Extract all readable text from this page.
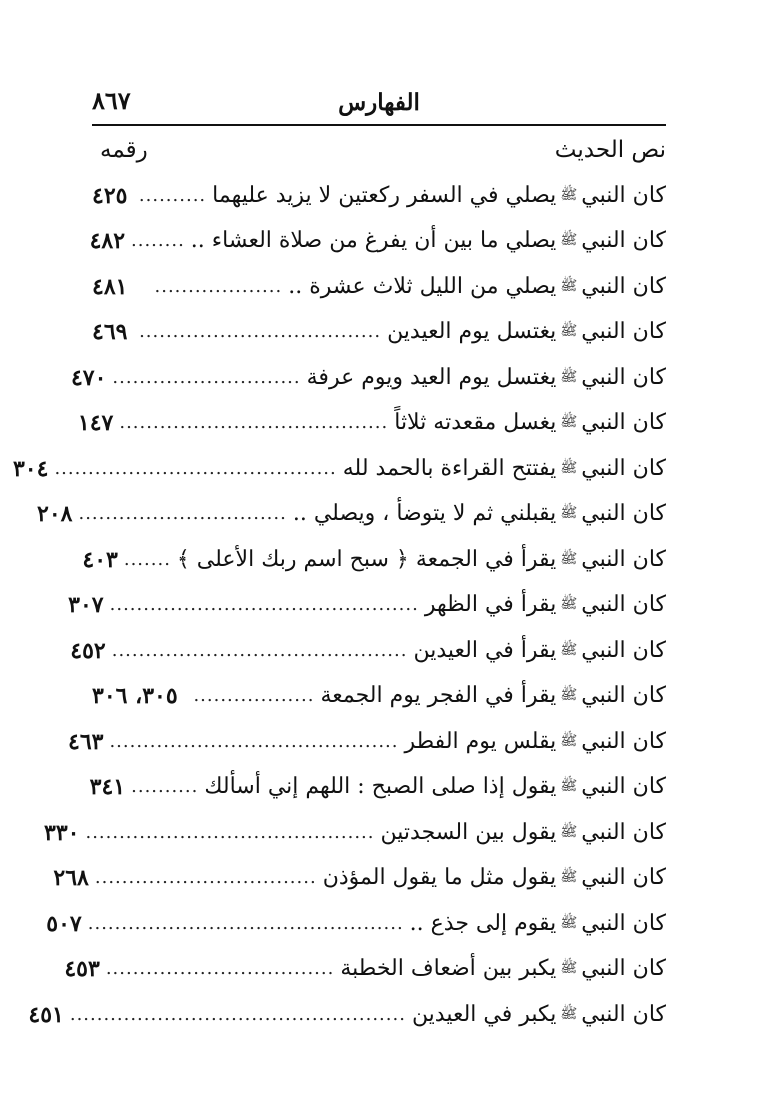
الفهارس
٨٦٧
نص الحديث
رقمه
كان النبي
ﷺ
يصلي في السفر ركعتين لا يزيد عليهما
..........
٤٢٥
كان النبي
ﷺ
يصلي ما بين أن يفرغ من صلاة العشاء ..
........
٤٨٢
كان النبي
ﷺ
يصلي من الليل ثلاث عشرة ..
...................
٤٨١
كان النبي
ﷺ
يغتسل يوم العيدين
....................................
٤٦٩
كان النبي
ﷺ
يغتسل يوم العيد ويوم عرفة
............................
٤٧٠
كان النبي
ﷺ
يغسل مقعدته ثلاثاً
........................................
١٤٧
كان النبي
ﷺ
يفتتح القراءة بالحمد لله
..........................................
٣٠٤
كان النبي
ﷺ
يقبلني ثم لا يتوضأ ، ويصلي ..
...............................
٢٠٨
كان النبي
ﷺ
يقرأ في الجمعة ﴿ سبح اسم ربك الأعلى ﴾
.......
٤٠٣
كان النبي
ﷺ
يقرأ في الظهر
..............................................
٣٠٧
كان النبي
ﷺ
يقرأ في العيدين
............................................
٤٥٢
كان النبي
ﷺ
يقرأ في الفجر يوم الجمعة
..................
٣٠٥، ٣٠٦
كان النبي
ﷺ
يقلس يوم الفطر
...........................................
٤٦٣
كان النبي
ﷺ
يقول إذا صلى الصبح : اللهم إني أسألك
..........
٣٤١
كان النبي
ﷺ
يقول بين السجدتين
...........................................
٣٣٠
كان النبي
ﷺ
يقول مثل ما يقول المؤذن
.................................
٢٦٨
كان النبي
ﷺ
يقوم إلى جذع ..
...............................................
٥٠٧
كان النبي
ﷺ
يكبر بين أضعاف الخطبة
..................................
٤٥٣
كان النبي
ﷺ
يكبر في العيدين
..................................................
٤٥١
